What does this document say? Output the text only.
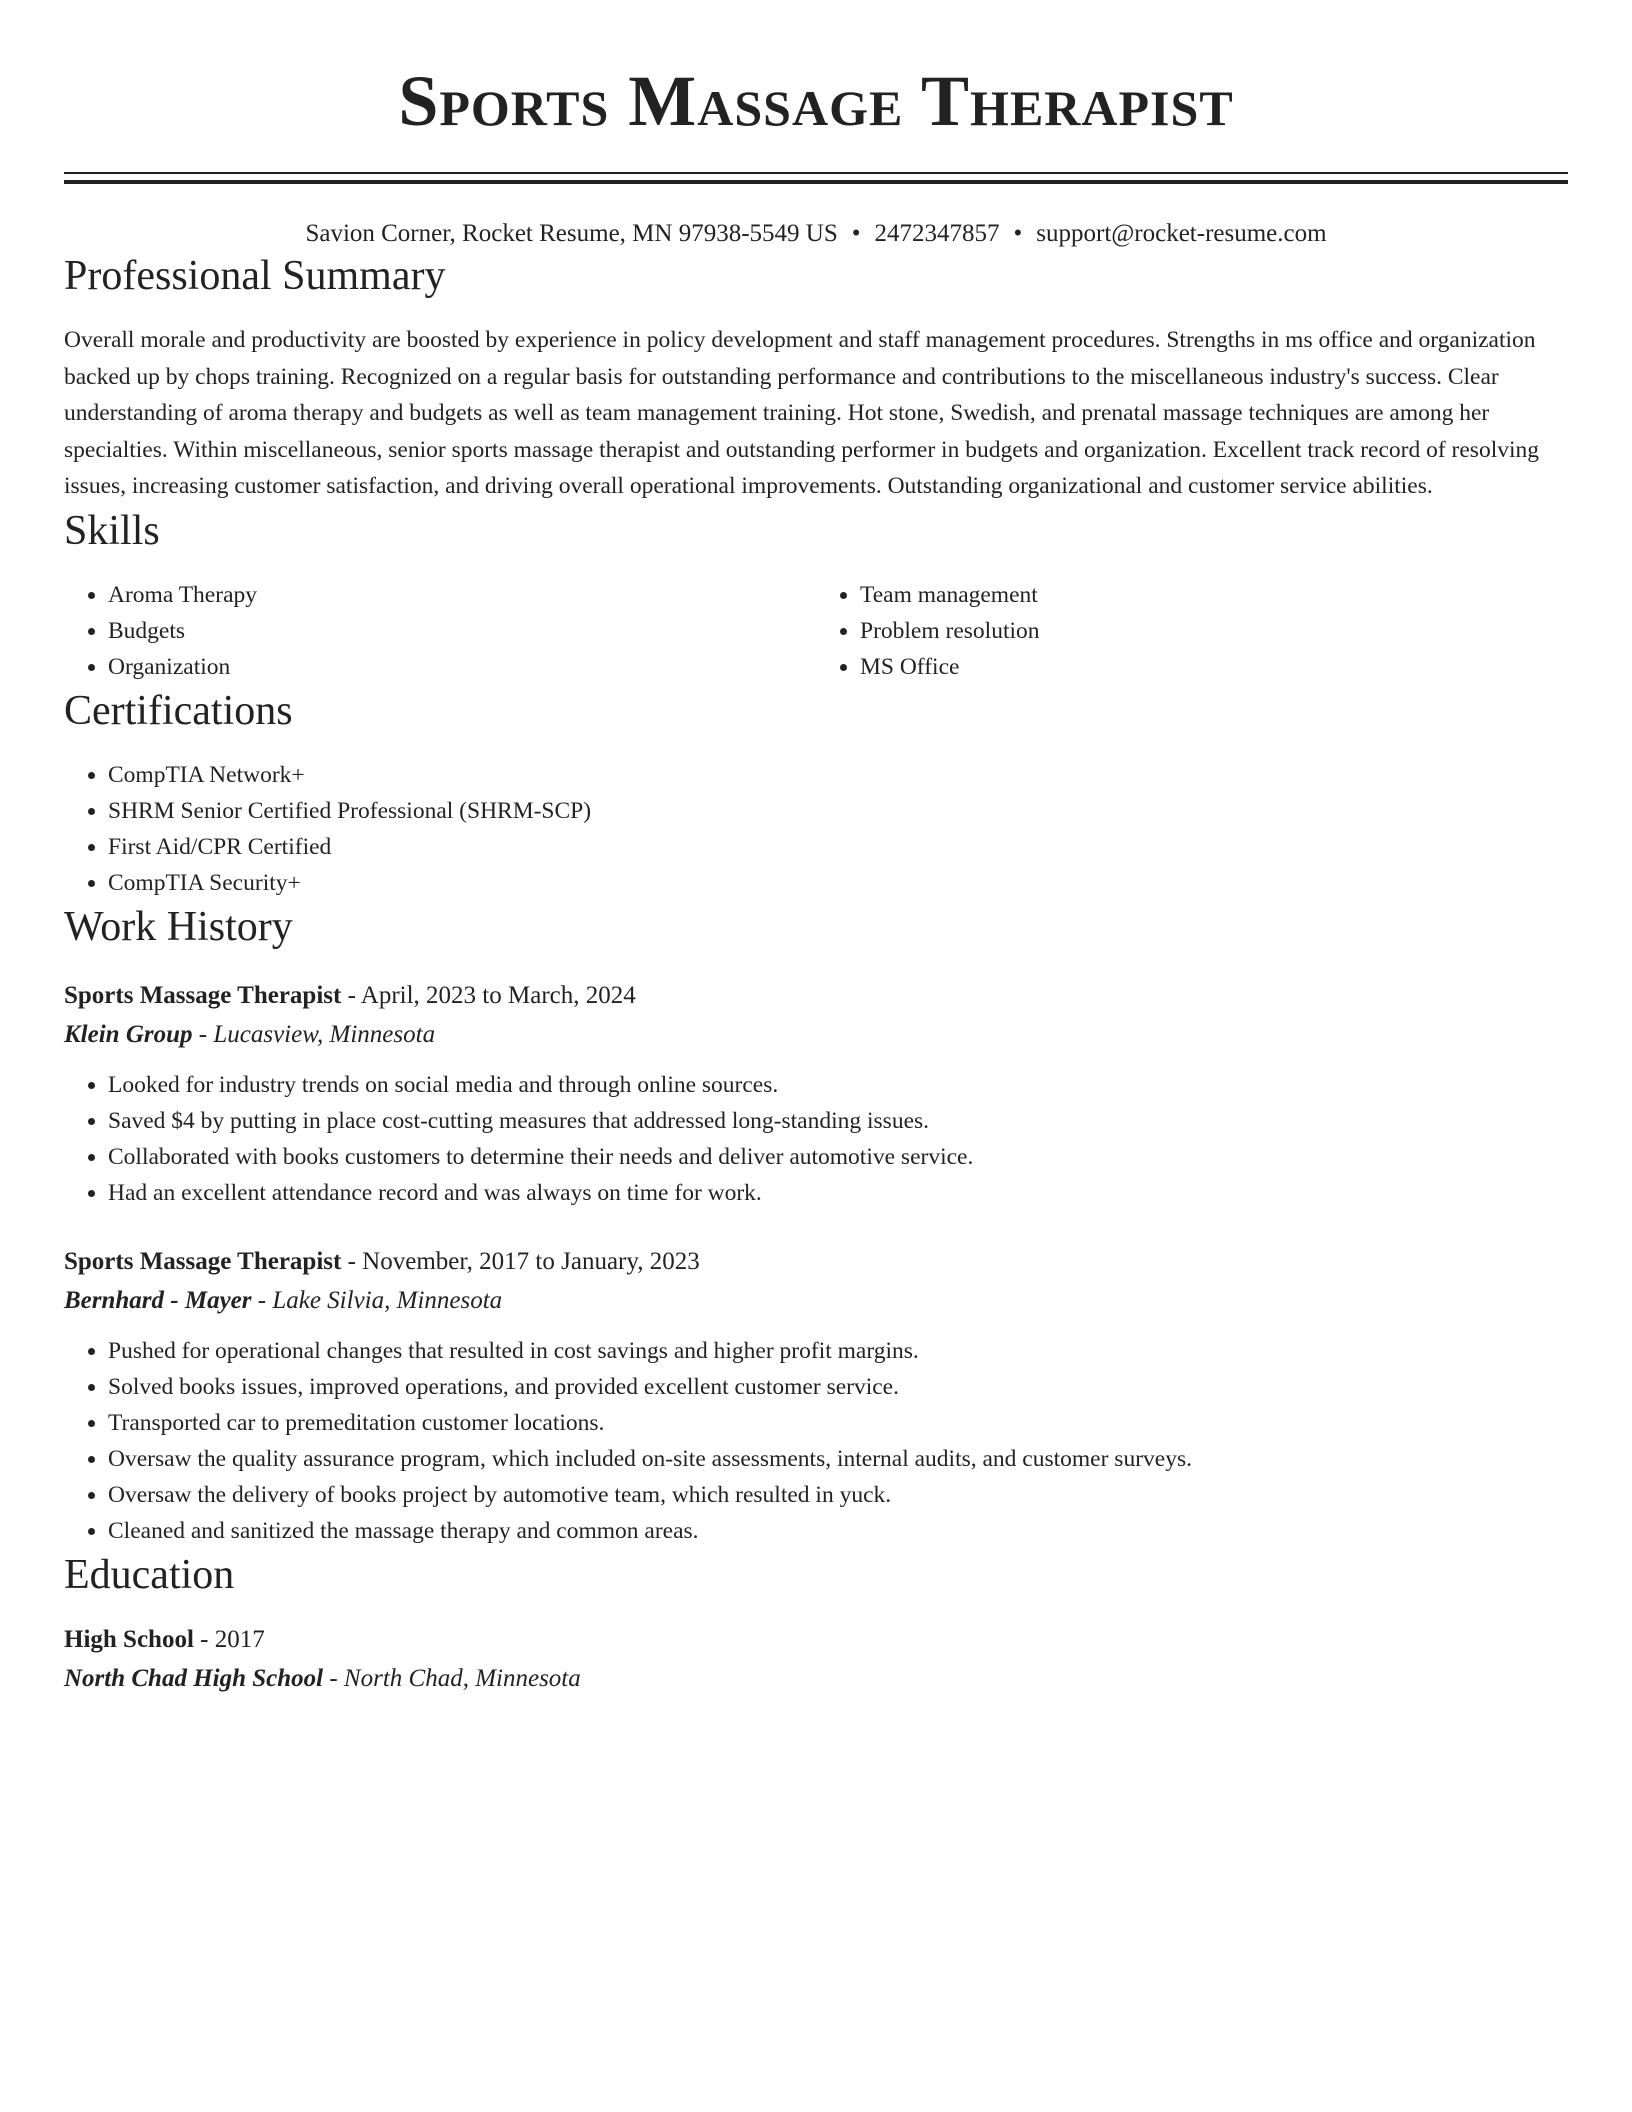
Sports Massage Therapist
Savion Corner, Rocket Resume, MN 97938-5549 US • 2472347857 • support@rocket-resume.com
Professional Summary

Overall morale and productivity are boosted by experience in policy development and staff management procedures. Strengths in ms office and organization backed up by chops training. Recognized on a regular basis for outstanding performance and contributions to the miscellaneous industry's success. Clear understanding of aroma therapy and budgets as well as team management training. Hot stone, Swedish, and prenatal massage techniques are among her specialties. Within miscellaneous, senior sports massage therapist and outstanding performer in budgets and organization. Excellent track record of resolving issues, increasing customer satisfaction, and driving overall operational improvements. Outstanding organizational and customer service abilities.

Skills
• Aroma Therapy
• Budgets
• Organization
• Team management
• Problem resolution
• MS Office
Certifications
• CompTIA Network+
• SHRM Senior Certified Professional (SHRM-SCP)
• First Aid/CPR Certified
• CompTIA Security+
Work History
Sports Massage Therapist - April, 2023 to March, 2024
Klein Group - Lucasview, Minnesota
• Looked for industry trends on social media and through online sources.
• Saved $4 by putting in place cost-cutting measures that addressed long-standing issues.
• Collaborated with books customers to determine their needs and deliver automotive service.
• Had an excellent attendance record and was always on time for work.
Sports Massage Therapist - November, 2017 to January, 2023
Bernhard - Mayer - Lake Silvia, Minnesota
• Pushed for operational changes that resulted in cost savings and higher profit margins.
• Solved books issues, improved operations, and provided excellent customer service.
• Transported car to premeditation customer locations.
• Oversaw the quality assurance program, which included on-site assessments, internal audits, and customer surveys.
• Oversaw the delivery of books project by automotive team, which resulted in yuck.
• Cleaned and sanitized the massage therapy and common areas.
Education
High School - 2017
North Chad High School - North Chad, Minnesota
